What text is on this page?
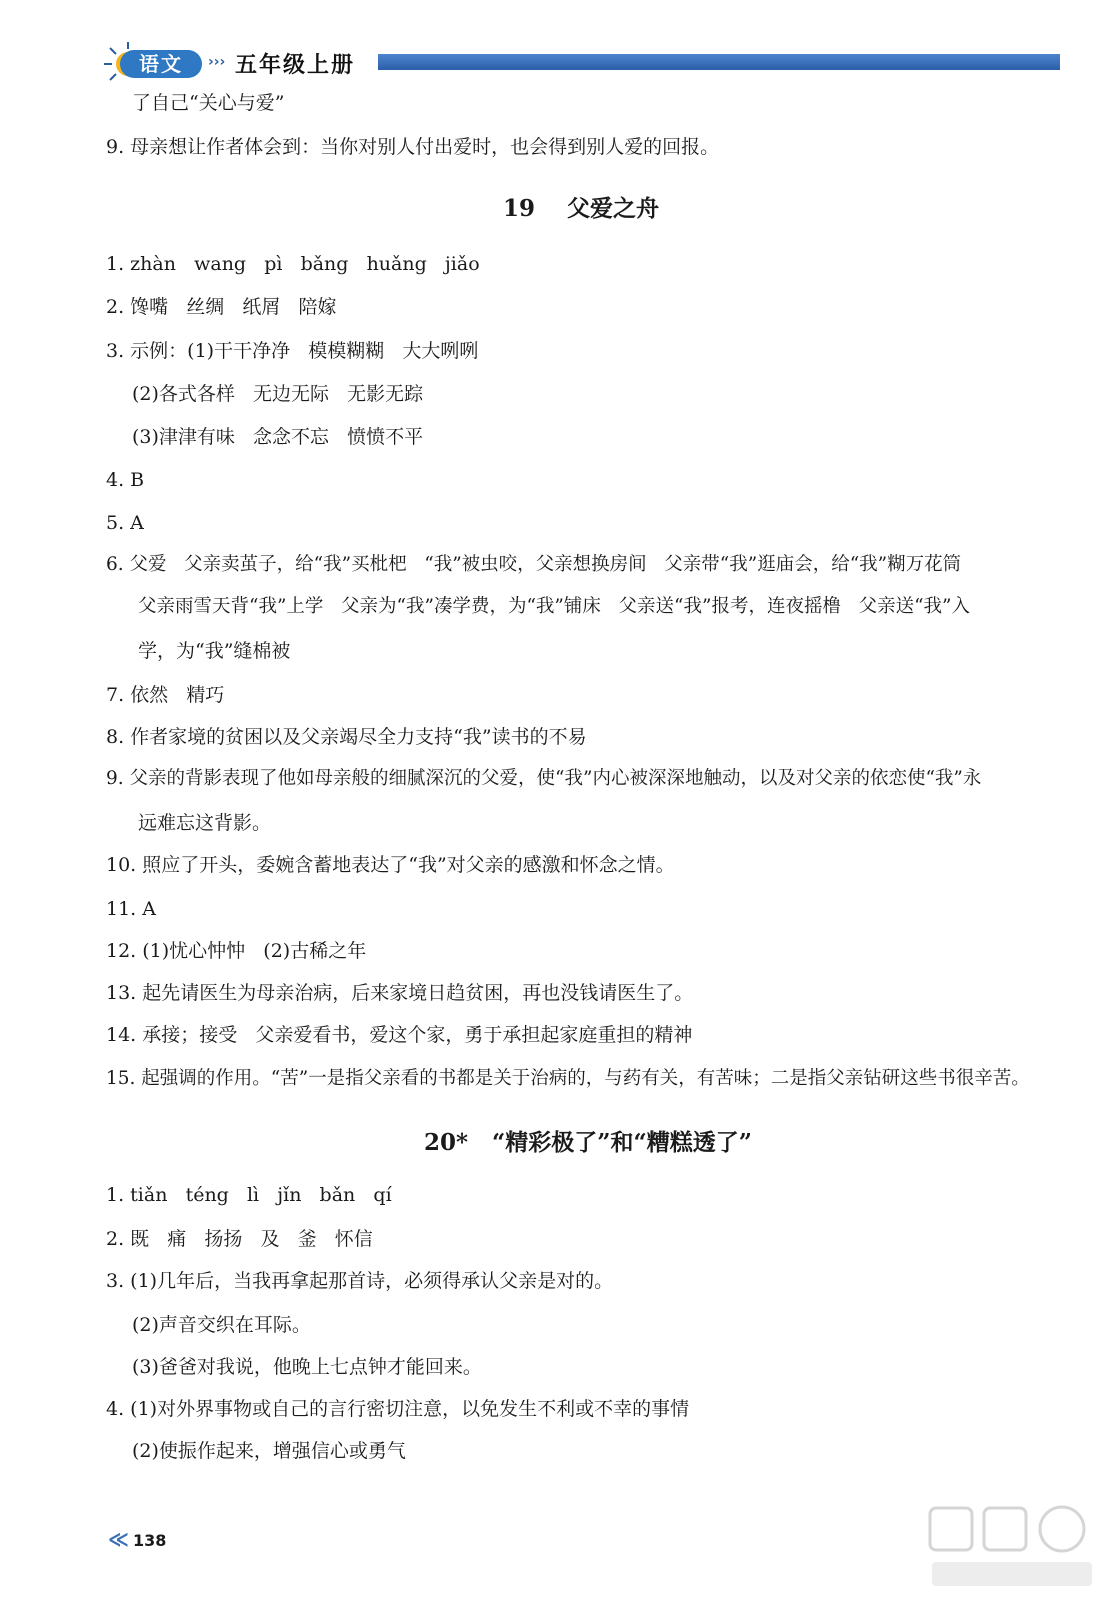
语文	››› 五年级上册
了自己“关心与爱”
9. 母亲想让作者体会到：当你对别人付出爱时，也会得到别人爱的回报。
19    父爱之舟
1. zhàn   wang   pì   bǎng   huǎng   jiǎo
2. 馋嘴   丝绸   纸屑   陪嫁
3. 示例：(1)干干净净   模模糊糊   大大咧咧
(2)各式各样   无边无际   无影无踪
(3)津津有味   念念不忘   愤愤不平
4. B
5. A
6. 父爱   父亲卖茧子，给“我”买枇杷   “我”被虫咬，父亲想换房间   父亲带“我”逛庙会，给“我”糊万花筒
父亲雨雪天背“我”上学   父亲为“我”凑学费，为“我”铺床   父亲送“我”报考，连夜摇橹   父亲送“我”入
学，为“我”缝棉被
7. 依然   精巧
8. 作者家境的贫困以及父亲竭尽全力支持“我”读书的不易
9. 父亲的背影表现了他如母亲般的细腻深沉的父爱，使“我”内心被深深地触动，以及对父亲的依恋使“我”永
远难忘这背影。
10. 照应了开头，委婉含蓄地表达了“我”对父亲的感激和怀念之情。
11. A
12. (1)忧心忡忡   (2)古稀之年
13. 起先请医生为母亲治病，后来家境日趋贫困，再也没钱请医生了。
14. 承接；接受   父亲爱看书，爱这个家，勇于承担起家庭重担的精神
15. 起强调的作用。“苦”一是指父亲看的书都是关于治病的，与药有关，有苦味；二是指父亲钻研这些书很辛苦。
20*   “精彩极了”和“糟糕透了”
1. tiǎn   téng   lì   jǐn   bǎn   qí
2. 既   痛   扬扬   及   釜   怀信
3. (1)几年后，当我再拿起那首诗，必须得承认父亲是对的。
(2)声音交织在耳际。
(3)爸爸对我说，他晚上七点钟才能回来。
4. (1)对外界事物或自己的言行密切注意，以免发生不利或不幸的事情
(2)使振作起来，增强信心或勇气
≪ 138
